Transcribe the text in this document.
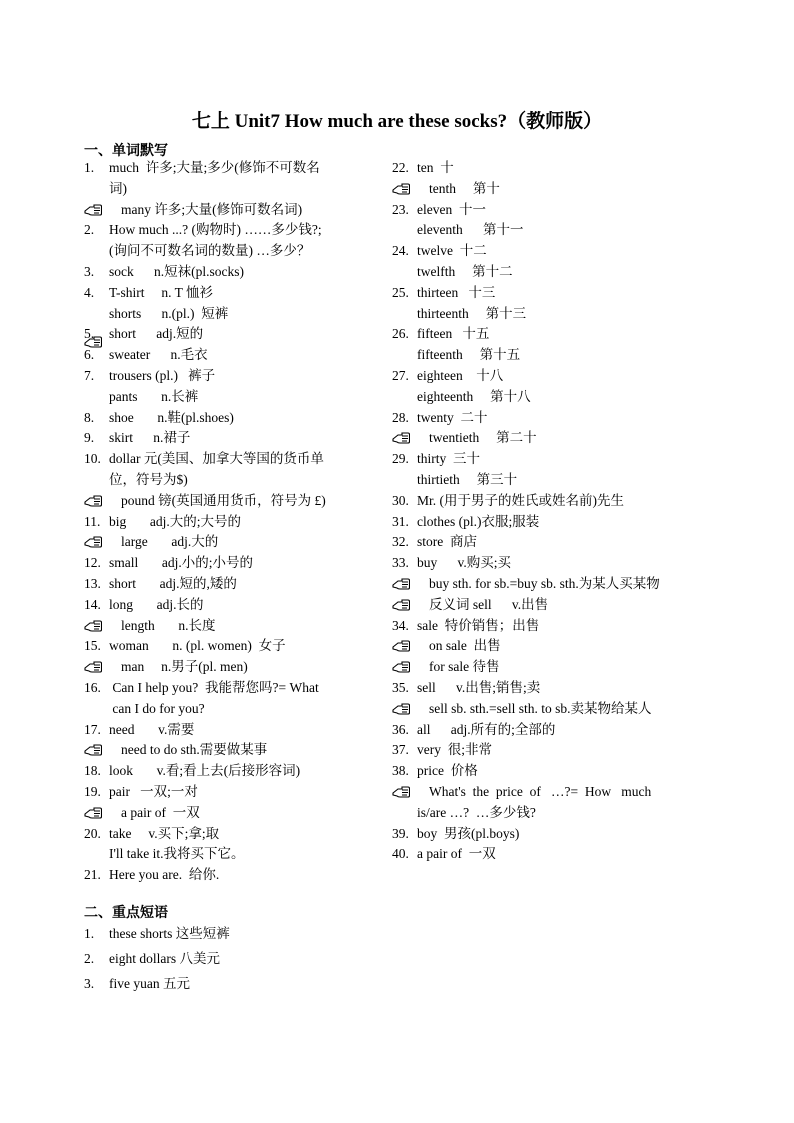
七上 Unit7 How much are these socks?（教师版）
一、单词默写
1.	much  许多;大量;多少(修饰不可数名
词)
many 许多;大量(修饰可数名词)
2.	How much ...? (购物时) ……多少钱?;
(询问不可数名词的数量) …多少？
3.	sock      n.短袜(pl.socks)
4.	T-shirt     n. T 恤衫
shorts      n.(pl.)  短裤
5.	short      adj.短的
6.	sweater      n.毛衣
7.	trousers (pl.)   裤子
pants       n.长裤
8.	shoe       n.鞋(pl.shoes)
9.	skirt      n.裙子
10. dollar 元(美国、加拿大等国的货币单
位，符号为$)
pound 镑(英国通用货币，符号为 £)
11. big       adj.大的;大号的
large       adj.大的
12. small       adj.小的;小号的
13. short       adj.短的,矮的
14. long       adj.长的
length       n.长度
15. woman       n. (pl. women)  女子
man     n.男子(pl. men)
16. Can I help you?  我能帮您吗?= What
can I do for you?
17. need       v.需要
need to do sth.需要做某事
18. look       v.看;看上去(后接形容词)
19. pair   一双;一对
a pair of  一双
20. take     v.买下;拿;取
I'll take it.我将买下它。
21. Here you are.  给你.
22. ten  十
tenth     第十
23. eleven  十一
eleventh      第十一
24. twelve  十二
twelfth     第十二
25. thirteen   十三
thirteenth     第十三
26. fifteen   十五
fifteenth     第十五
27. eighteen    十八
eighteenth     第十八
28. twenty  二十
twentieth     第二十
29. thirty  三十
thirtieth     第三十
30. Mr. (用于男子的姓氏或姓名前)先生
31. clothes (pl.)衣服;服装
32. store  商店
33. buy      v.购买;买
buy sth. for sb.=buy sb. sth.为某人买某物
反义词 sell      v.出售
34. sale  特价销售；出售
on sale  出售
for sale 待售
35. sell      v.出售;销售;卖
sell sb. sth.=sell sth. to sb.卖某物给某人
36. all      adj.所有的;全部的
37. very  很;非常
38. price  价格
What's  the  price  of   …?=  How   much
is/are …?  …多少钱?
39. boy  男孩(pl.boys)
40. a pair of  一双
二、重点短语
1.	these shorts 这些短裤
2.	eight dollars 八美元
3.	five yuan 五元
